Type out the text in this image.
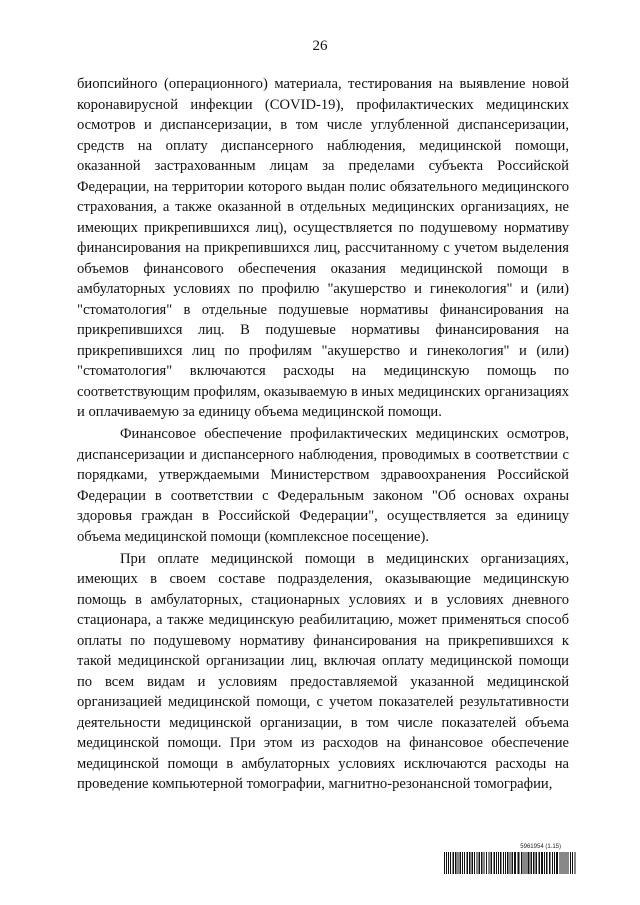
26

биопсийного (операционного) материала, тестирования на выявление новой коронавирусной инфекции (COVID-19), профилактических медицинских осмотров и диспансеризации, в том числе углубленной диспансеризации, средств на оплату диспансерного наблюдения, медицинской помощи, оказанной застрахованным лицам за пределами субъекта Российской Федерации, на территории которого выдан полис обязательного медицинского страхования, а также оказанной в отдельных медицинских организациях, не имеющих прикрепившихся лиц), осуществляется по подушевому нормативу финансирования на прикрепившихся лиц, рассчитанному с учетом выделения объемов финансового обеспечения оказания медицинской помощи в амбулаторных условиях по профилю "акушерство и гинекология" и (или) "стоматология" в отдельные подушевые нормативы финансирования на прикрепившихся лиц. В подушевые нормативы финансирования на прикрепившихся лиц по профилям "акушерство и гинекология" и (или) "стоматология" включаются расходы на медицинскую помощь по соответствующим профилям, оказываемую в иных медицинских организациях и оплачиваемую за единицу объема медицинской помощи.

Финансовое обеспечение профилактических медицинских осмотров, диспансеризации и диспансерного наблюдения, проводимых в соответствии с порядками, утверждаемыми Министерством здравоохранения Российской Федерации в соответствии с Федеральным законом "Об основах охраны здоровья граждан в Российской Федерации", осуществляется за единицу объема медицинской помощи (комплексное посещение).

При оплате медицинской помощи в медицинских организациях, имеющих в своем составе подразделения, оказывающие медицинскую помощь в амбулаторных, стационарных условиях и в условиях дневного стационара, а также медицинскую реабилитацию, может применяться способ оплаты по подушевому нормативу финансирования на прикрепившихся к такой медицинской организации лиц, включая оплату медицинской помощи по всем видам и условиям предоставляемой указанной медицинской организацией медицинской помощи, с учетом показателей результативности деятельности медицинской организации, в том числе показателей объема медицинской помощи. При этом из расходов на финансовое обеспечение медицинской помощи в амбулаторных условиях исключаются расходы на проведение компьютерной томографии, магнитно-резонансной томографии,

5961954 (1.15)
